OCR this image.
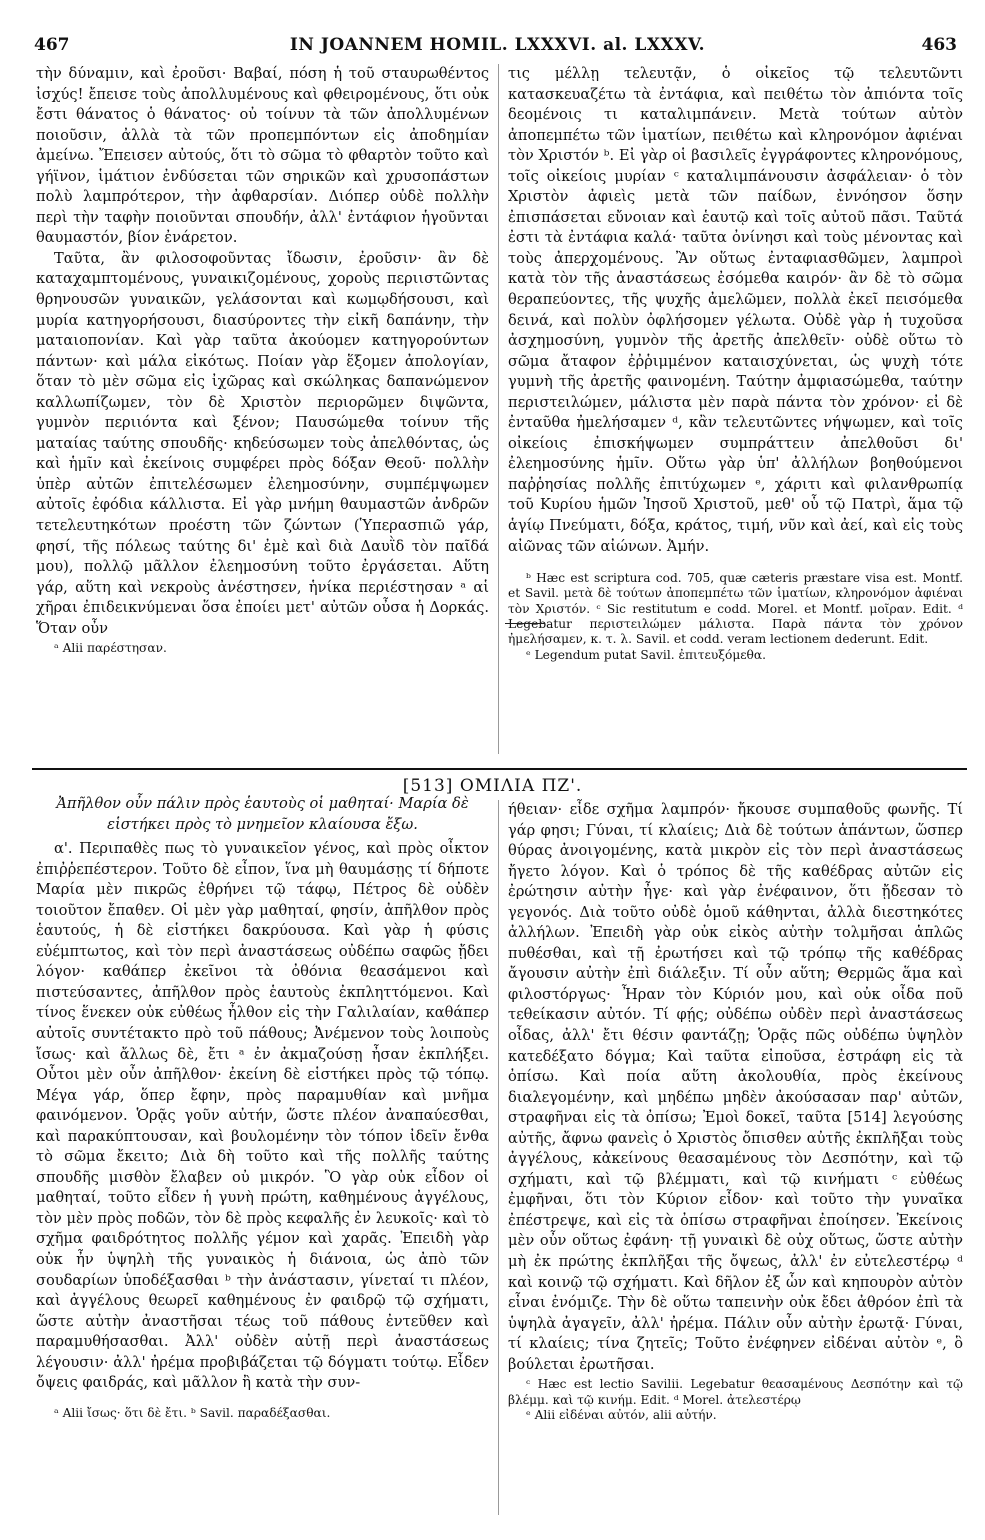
467	IN JOANNEM HOMIL. LXXXVI. al. LXXXV.	463

τὴν δύναμιν, καὶ ἐροῦσι· Βαβαί, πόση ἡ τοῦ σταυρωθέντος ἰσχύς! ἔπεισε τοὺς ἀπολλυμένους καὶ φθειρομένους, ὅτι οὐκ ἔστι θάνατος ὁ θάνατος· οὐ τοίνυν τὰ τῶν ἀπολλυμένων ποιοῦσιν, ἀλλὰ τὰ τῶν προπεμπόντων εἰς ἀποδημίαν ἀμείνω. Ἔπεισεν αὐτούς, ὅτι τὸ σῶμα τὸ φθαρτὸν τοῦτο καὶ γήϊνον, ἱμάτιον ἐνδύσεται τῶν σηρικῶν καὶ χρυσοπάστων πολὺ λαμπρότερον, τὴν ἀφθαρσίαν. Διόπερ οὐδὲ πολλὴν περὶ τὴν ταφὴν ποιοῦνται σπουδήν, ἀλλ' ἐντάφιον ἡγοῦνται θαυμαστόν, βίον ἐνάρετον.

Ταῦτα, ἂν φιλοσοφοῦντας ἴδωσιν, ἐροῦσιν· ἂν δὲ καταχαμπτομένους, γυναικιζομένους, χοροὺς περιιστῶντας θρηνουσῶν γυναικῶν, γελάσονται καὶ κωμῳδήσουσι, καὶ μυρία κατηγορήσουσι, διασύροντες τὴν εἰκῆ δαπάνην, τὴν ματαιοπονίαν. Καὶ γὰρ ταῦτα ἀκούομεν κατηγορούντων πάντων· καὶ μάλα εἰκότως. Ποίαν γὰρ ἕξομεν ἀπολογίαν, ὅταν τὸ μὲν σῶμα εἰς ἰχῶρας καὶ σκώληκας δαπανώμενον καλλωπίζωμεν, τὸν δὲ Χριστὸν περιορῶμεν διψῶντα, γυμνὸν περιιόντα καὶ ξένον; Παυσώμεθα τοίνυν τῆς ματαίας ταύτης σπουδῆς· κηδεύσωμεν τοὺς ἀπελθόντας, ὡς καὶ ἡμῖν καὶ ἐκείνοις συμφέρει πρὸς δόξαν Θεοῦ· πολλὴν ὑπὲρ αὐτῶν ἐπιτελέσωμεν ἐλεημοσύνην, συμπέμψωμεν αὐτοῖς ἐφόδια κάλλιστα. Εἰ γὰρ μνήμη θαυμαστῶν ἀνδρῶν τετελευτηκότων προέστη τῶν ζώντων (Ὑπερασπιῶ γάρ, φησί, τῆς πόλεως ταύτης δι' ἐμὲ καὶ διὰ Δαυῒδ τὸν παῖδά μου), πολλῷ μᾶλλον ἐλεημοσύνη τοῦτο ἐργάσεται. Αὕτη γάρ, αὕτη καὶ νεκροὺς ἀνέστησεν, ἡνίκα περιέστησαν ᵃ αἱ χῆραι ἐπιδεικνύμεναι ὅσα ἐποίει μετ' αὐτῶν οὖσα ἡ Δορκάς. Ὅταν οὖν

ᵃ Alii παρέστησαν.

τις μέλλῃ τελευτᾷν, ὁ οἰκεῖος τῷ τελευτῶντι κατασκευαζέτω τὰ ἐντάφια, καὶ πειθέτω τὸν ἀπιόντα τοῖς δεομένοις τι καταλιμπάνειν. Μετὰ τούτων αὐτὸν ἀποπεμπέτω τῶν ἱματίων, πειθέτω καὶ κληρονόμον ἀφιέναι τὸν Χριστόν ᵇ. Εἰ γὰρ οἱ βασιλεῖς ἐγγράφοντες κληρονόμους, τοῖς οἰκείοις μυρίαν ᶜ καταλιμπάνουσιν ἀσφάλειαν· ὁ τὸν Χριστὸν ἀφιεὶς μετὰ τῶν παίδων, ἐννόησον ὅσην ἐπισπάσεται εὔνοιαν καὶ ἑαυτῷ καὶ τοῖς αὐτοῦ πᾶσι. Ταῦτά ἐστι τὰ ἐντάφια καλά· ταῦτα ὀνίνησι καὶ τοὺς μένοντας καὶ τοὺς ἀπερχομένους. Ἂν οὕτως ἐνταφιασθῶμεν, λαμπροὶ κατὰ τὸν τῆς ἀναστάσεως ἐσόμεθα καιρόν· ἂν δὲ τὸ σῶμα θεραπεύοντες, τῆς ψυχῆς ἀμελῶμεν, πολλὰ ἐκεῖ πεισόμεθα δεινά, καὶ πολὺν ὀφλήσομεν γέλωτα. Οὐδὲ γὰρ ἡ τυχοῦσα ἀσχημοσύνη, γυμνὸν τῆς ἀρετῆς ἀπελθεῖν· οὐδὲ οὕτω τὸ σῶμα ἄταφον ἐῤῥιμμένον καταισχύνεται, ὡς ψυχὴ τότε γυμνὴ τῆς ἀρετῆς φαινομένη. Ταύτην ἀμφιασώμεθα, ταύτην περιστειλώμεν, μάλιστα μὲν παρὰ πάντα τὸν χρόνον· εἰ δὲ ἐνταῦθα ἠμελήσαμεν ᵈ, κἂν τελευτῶντες νήψωμεν, καὶ τοῖς οἰκείοις ἐπισκήψωμεν συμπράττειν ἀπελθοῦσι δι' ἐλεημοσύνης ἡμῖν. Οὕτω γὰρ ὑπ' ἀλλήλων βοηθούμενοι παῤῥησίας πολλῆς ἐπιτύχωμεν ᵉ, χάριτι καὶ φιλανθρωπίᾳ τοῦ Κυρίου ἡμῶν Ἰησοῦ Χριστοῦ, μεθ' οὗ τῷ Πατρὶ, ἅμα τῷ ἁγίῳ Πνεύματι, δόξα, κράτος, τιμή, νῦν καὶ ἀεί, καὶ εἰς τοὺς αἰῶνας τῶν αἰώνων. Ἀμήν.

ᵇ Hæc est scriptura cod. 705, quæ cæteris præstare visa est. Montf. et Savil. μετὰ δὲ τούτων ἀποπεμπέτω τῶν ἱματίων, κληρονόμον ἀφιέναι τὸν Χριστόν. ᶜ Sic restitutum e codd. Morel. et Montf. μοῖραν. Edit. ᵈ Legebatur περιστειλώμεν μάλιστα. Παρὰ πάντα τὸν χρόνον ἠμελήσαμεν, κ. τ. λ. Savil. et codd. veram lectionem dederunt. Edit.

ᵉ Legendum putat Savil. ἐπιτευξόμεθα.

[513] ΟΜΙΛΙΑ ΠΖ'.

Ἀπῆλθον οὖν πάλιν πρὸς ἑαυτοὺς οἱ μαθηταί· Μαρία δὲ εἱστήκει πρὸς τὸ μνημεῖον κλαίουσα ἔξω.

α'. Περιπαθὲς πως τὸ γυναικεῖον γένος, καὶ πρὸς οἶκτον ἐπιῤῥεπέστερον. Τοῦτο δὲ εἶπον, ἵνα μὴ θαυμάσῃς τί δήποτε Μαρία μὲν πικρῶς ἐθρήνει τῷ τάφῳ, Πέτρος δὲ οὐδὲν τοιοῦτον ἔπαθεν. Οἱ μὲν γὰρ μαθηταί, φησίν, ἀπῆλθον πρὸς ἑαυτούς, ἡ δὲ εἱστήκει δακρύουσα. Καὶ γὰρ ἡ φύσις εὐέμπτωτος, καὶ τὸν περὶ ἀναστάσεως οὐδέπω σαφῶς ᾔδει λόγον· καθάπερ ἐκεῖνοι τὰ ὀθόνια θεασάμενοι καὶ πιστεύσαντες, ἀπῆλθον πρὸς ἑαυτοὺς ἐκπληττόμενοι. Καὶ τίνος ἕνεκεν οὐκ εὐθέως ἦλθον εἰς τὴν Γαλιλαίαν, καθάπερ αὐτοῖς συντέτακτο πρὸ τοῦ πάθους; Ἀνέμενον τοὺς λοιποὺς ἴσως· καὶ ἄλλως δὲ, ἔτι ᵃ ἐν ἀκμαζούσῃ ἦσαν ἐκπλήξει. Οὗτοι μὲν οὖν ἀπῆλθον· ἐκείνη δὲ εἱστήκει πρὸς τῷ τόπῳ. Μέγα γάρ, ὅπερ ἔφην, πρὸς παραμυθίαν καὶ μνῆμα φαινόμενον. Ὁρᾷς γοῦν αὐτήν, ὥστε πλέον ἀναπαύεσθαι, καὶ παρακύπτουσαν, καὶ βουλομένην τὸν τόπον ἰδεῖν ἔνθα τὸ σῶμα ἔκειτο; Διὰ δὴ τοῦτο καὶ τῆς πολλῆς ταύτης σπουδῆς μισθὸν ἔλαβεν οὐ μικρόν. Ὃ γὰρ οὐκ εἶδον οἱ μαθηταί, τοῦτο εἶδεν ἡ γυνὴ πρώτη, καθημένους ἀγγέλους, τὸν μὲν πρὸς ποδῶν, τὸν δὲ πρὸς κεφαλῆς ἐν λευκοῖς· καὶ τὸ σχῆμα φαιδρότητος πολλῆς γέμον καὶ χαρᾶς. Ἐπειδὴ γὰρ οὐκ ἦν ὑψηλὴ τῆς γυναικὸς ἡ διάνοια, ὡς ἀπὸ τῶν σουδαρίων ὑποδέξασθαι ᵇ τὴν ἀνάστασιν, γίνεταί τι πλέον, καὶ ἀγγέλους θεωρεῖ καθημένους ἐν φαιδρῷ τῷ σχήματι, ὥστε αὐτὴν ἀναστῆσαι τέως τοῦ πάθους ἐντεῦθεν καὶ παραμυθήσασθαι. Ἀλλ' οὐδὲν αὐτῇ περὶ ἀναστάσεως λέγουσιν· ἀλλ' ἠρέμα προβιβάζεται τῷ δόγματι τούτῳ. Εἶδεν ὄψεις φαιδράς, καὶ μᾶλλον ἢ κατὰ τὴν συν-

ᵃ Alii ἴσως· ὅτι δὲ ἔτι. ᵇ Savil. παραδέξασθαι.

ήθειαν· εἶδε σχῆμα λαμπρόν· ἤκουσε συμπαθοῦς φωνῆς. Τί γάρ φησι; Γύναι, τί κλαίεις; Διὰ δὲ τούτων ἁπάντων, ὥσπερ θύρας ἀνοιγομένης, κατὰ μικρὸν εἰς τὸν περὶ ἀναστάσεως ἤγετο λόγον. Καὶ ὁ τρόπος δὲ τῆς καθέδρας αὐτῶν εἰς ἐρώτησιν αὐτὴν ἦγε· καὶ γὰρ ἐνέφαινον, ὅτι ᾔδεσαν τὸ γεγονός. Διὰ τοῦτο οὐδὲ ὁμοῦ κάθηνται, ἀλλὰ διεστηκότες ἀλλήλων. Ἐπειδὴ γὰρ οὐκ εἰκὸς αὐτὴν τολμῆσαι ἁπλῶς πυθέσθαι, καὶ τῇ ἐρωτήσει καὶ τῷ τρόπῳ τῆς καθέδρας ἄγουσιν αὐτὴν ἐπὶ διάλεξιν. Τί οὖν αὕτη; Θερμῶς ἅμα καὶ φιλοστόργως· Ἦραν τὸν Κύριόν μου, καὶ οὐκ οἶδα ποῦ τεθείκασιν αὐτόν. Τί φῄς; οὐδέπω οὐδὲν περὶ ἀναστάσεως οἶδας, ἀλλ' ἔτι θέσιν φαντάζῃ; Ὁρᾷς πῶς οὐδέπω ὑψηλὸν κατεδέξατο δόγμα; Καὶ ταῦτα εἰποῦσα, ἐστράφη εἰς τὰ ὀπίσω. Καὶ ποία αὕτη ἀκολουθία, πρὸς ἐκείνους διαλεγομένην, καὶ μηδέπω μηδὲν ἀκούσασαν παρ' αὐτῶν, στραφῆναι εἰς τὰ ὀπίσω; Ἐμοὶ δοκεῖ, ταῦτα [514] λεγούσης αὐτῆς, ἄφνω φανεὶς ὁ Χριστὸς ὄπισθεν αὐτῆς ἐκπλῆξαι τοὺς ἀγγέλους, κἀκείνους θεασαμένους τὸν Δεσπότην, καὶ τῷ σχήματι, καὶ τῷ βλέμματι, καὶ τῷ κινήματι ᶜ εὐθέως ἐμφῆναι, ὅτι τὸν Κύριον εἶδον· καὶ τοῦτο τὴν γυναῖκα ἐπέστρεψε, καὶ εἰς τὰ ὀπίσω στραφῆναι ἐποίησεν. Ἐκείνοις μὲν οὖν οὕτως ἐφάνη· τῇ γυναικὶ δὲ οὐχ οὕτως, ὥστε αὐτὴν μὴ ἐκ πρώτης ἐκπλῆξαι τῆς ὄψεως, ἀλλ' ἐν εὐτελεστέρῳ ᵈ καὶ κοινῷ τῷ σχήματι. Καὶ δῆλον ἐξ ὧν καὶ κηπουρὸν αὐτὸν εἶναι ἐνόμιζε. Τὴν δὲ οὕτω ταπεινὴν οὐκ ἔδει ἀθρόον ἐπὶ τὰ ὑψηλὰ ἀγαγεῖν, ἀλλ' ἠρέμα. Πάλιν οὖν αὐτὴν ἐρωτᾷ· Γύναι, τί κλαίεις; τίνα ζητεῖς; Τοῦτο ἐνέφηνεν εἰδέναι αὐτὸν ᵉ, ὃ βούλεται ἐρωτῆσαι.

ᶜ Hæc est lectio Savilii. Legebatur θεασαμένους Δεσπότην καὶ τῷ βλέμμ. καὶ τῷ κινήμ. Edit. ᵈ Morel. ἀτελεστέρῳ

ᵉ Alii εἰδέναι αὐτόν, alii αὐτήν.
